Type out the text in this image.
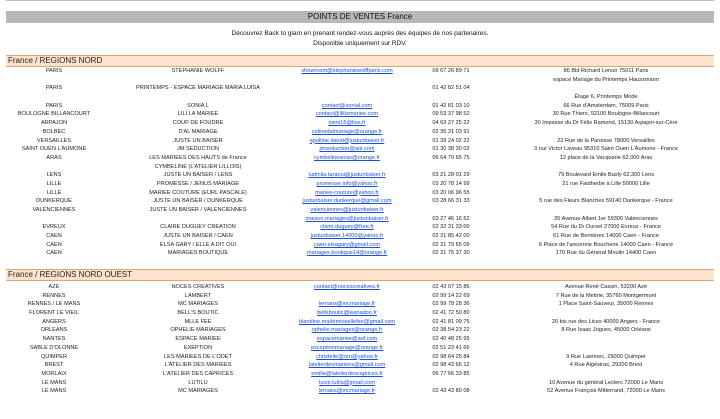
POINTS DE VENTES France
Découvrez Back to glam en prenant rendez-vous auprès des équipes de nos partenaires.
Disponible uniquement sur RDV.
France / REGIONS NORD
PARIS	STEPHANIE WOLFF	showroom@stephaniewolffparis.com	09 67 26 89 71	86 Bld Richard Lenoir 75011 Paris
espace Mariage du Printemps Haussmann
PARIS	PRINTEMPS - ESPACE MARIAGE MARIA LUISA	01 42 82 51 04
Étage 6, Printemps Mode
PARIS	SONIA L	contact@sonial.com	01 42 81 03 10	66 Rue d'Amsterdam, 75009 Paris
BOULOGNE BILLANCOURT	LILI LA MARIEE	contact@lililamariee.com	09 53 37 98 52	30 Rue Thiers, 92100 Boulogne-Billancourt
ARPAJON	COUP DE FOUDRE	mimi16@live.fr	04 63 27 25 22	30 Impasse du Dr Félix Ramond, 15130 Arpajon-sur-Cère
BOLBEC	D'AL MARIAGE	celinedalmariage@orange.fr	02 35 31 03 91
VERSAILLES	JUSTE UN BAISER	apolline.david@justunbaiser.fr	01 39 24 02 22	22 Rue de la Paroisse 78000 Versailles
SAINT OUEN L'AUMONE	JM SEDUCTION	jmseduction@aol.com	01 30 38 30 02	3 rue Victor Laveau 95310 Saint Ouen L'Aumone - France
ARAS	LES MARIEES DES HAUTS de France	cymbelinearras@orange.fr	06 64 79 65 75	12 place de la Vacquerie 62,000 Aras
CYMBELINE (L'ATELIER LILLOIS)
LENS	JUSTE UN BAISER / LENS	ludmila.taraoui@justunbaiser.fr	03 21 28 01 29	79 Boulevard Emile Basly 62,300 Lens
LILLE	PROMESSE / JENUS MARIAGE	promesse.info@yahoo.fr	03 20 78 14 99	21 rue Faidherbe à Lille 50000 Lille
LILLE	MARIEE COUTURE (EURL PASCALE)	mariee-couture@yahoo.fr	03 20 06 96 55
DUNKERQUE	JUSTE UN BAISER / DUNKERQUE	justunbaiser.dunkerque@gmail.com	03 28 66 31 33	5 rue des Fleurs Blanches 59140 Dunkerque - France
VALENCIENNES	JUSTE UN BAISER / VALENCIENNES	valenciennes@justunbaiser.fr
maison.mariages@justunbaiser.fr	03 27 46 16 52	35 Avenue Albert 1er 59300 Valenciennes
EVREUX	CLAIRE DUGUEY CREATION	claire.duguey@free.fr	02 32 31 33 00	54 Rue du Dr Oursel 27000 Evreux - France
CAEN	JUSTE UN BAISER / CAEN	justunbaiser.14000@yahoo.fr	02 31 85 42 00	61 Rue de Bernières 14000 Caen - France
CAEN	ELSA GARY / ELLE A DIT OUI	caen.elsagary@gmail.com	02 31 79 65 09	6 Place de l'ancienne Boucherie 14000 Caen - France
CAEN	MARIAGES BOUTIQUE	mariages.boutique14@orange.fr	02 31 75 37 30	170 Rue du Général Moulin 14400 Caen
France / REGIONS NORD OUEST
AZE	NOCES CREATIVES	contact@nocescreatives.fr	02 43 07 15 86	Avenue René Cassin, 53200 Azé
RENNES	LAMBERT	02 99 14 22 69	7 Rue de la Mettrie, 35760 Montgermont
RENNES / LE MANS	MC MARIAGES	lemans@mcmariage.fr	02 99 78 28 36	1 Place Saint-Sauveur, 35000 Rennes
FLORENT LE VIEIL	BELL'S BOUTIC	bellsboutic@wanadoo.fr	02 41 72 50 80
ANGERS	MLLE FEE	blandine.mademoisellefee@gmail.com	02 41 81 09 75	20 bis rue des Lices 40000 Angers - France
ORLEANS	OPHELIE MARIAGES	ophelie.mariages@orange.fr	02 38 54 23 22	8 Rue Isaac Jogues, 45000 Orléans
NANTES	ESPACE MARIEE	espacemariee@aol.com	02 40 48 25 95
SABLE D'OLONNE	EXEPTION	exceptionmariage@orange.fr	02 51 23 41 66
QUIMPER	LES MARIEES DE L'ODET	christelle@orn@yahoo.fr	02 98 64 25 84	9 Rue Laennec, 29000 Quimper
BREST	L'ATELIER DES MARIEES	latelierdesmariees@gmail.com	02 98 43 66 12	4 Rue Algésiras, 29200 Brest
MORLAIX	L'ATELIER DES CAPRICES	emilie@latelierdescaprices.fr	06 77 66 33 85
LE MANS	LUTILU	lucie.lutilu@gmail.com	10 Avenue du général Leclerc 72000 Le Mans
LE MANS	MC MARIAGES	lemans@mcmariage.fr	02 43 43 80 08	52 Avenue François Mitterrand, 72000 Le Mans
